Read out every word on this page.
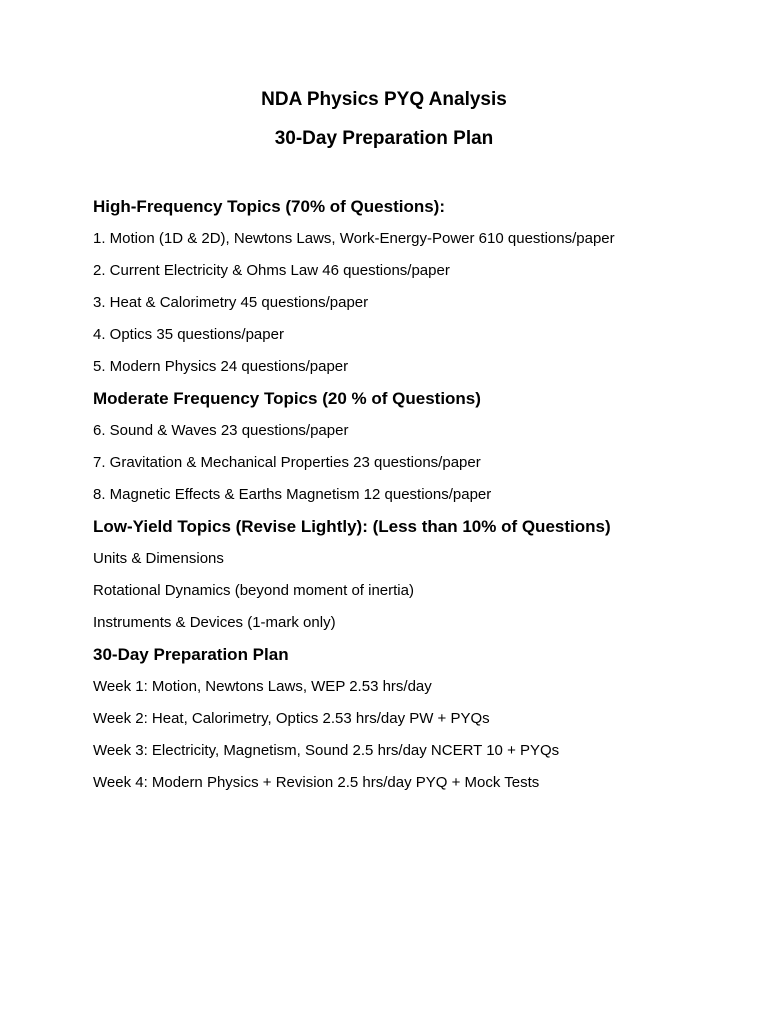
NDA Physics PYQ Analysis
30-Day Preparation Plan

High-Frequency Topics (70% of Questions):

1. Motion (1D & 2D), Newtons Laws, Work-Energy-Power 610 questions/paper

2. Current Electricity & Ohms Law 46 questions/paper

3. Heat & Calorimetry 45 questions/paper

4. Optics 35 questions/paper

5. Modern Physics 24 questions/paper

Moderate Frequency Topics (20 % of Questions)

6. Sound & Waves 23 questions/paper

7. Gravitation & Mechanical Properties 23 questions/paper

8. Magnetic Effects & Earths Magnetism 12 questions/paper

Low-Yield Topics (Revise Lightly): (Less than 10% of Questions)

Units & Dimensions

Rotational Dynamics (beyond moment of inertia)

Instruments & Devices (1-mark only)

30-Day Preparation Plan

Week 1: Motion, Newtons Laws, WEP 2.53 hrs/day

Week 2: Heat, Calorimetry, Optics 2.53 hrs/day PW + PYQs

Week 3: Electricity, Magnetism, Sound 2.5 hrs/day NCERT 10 + PYQs

Week 4: Modern Physics + Revision 2.5 hrs/day PYQ + Mock Tests
